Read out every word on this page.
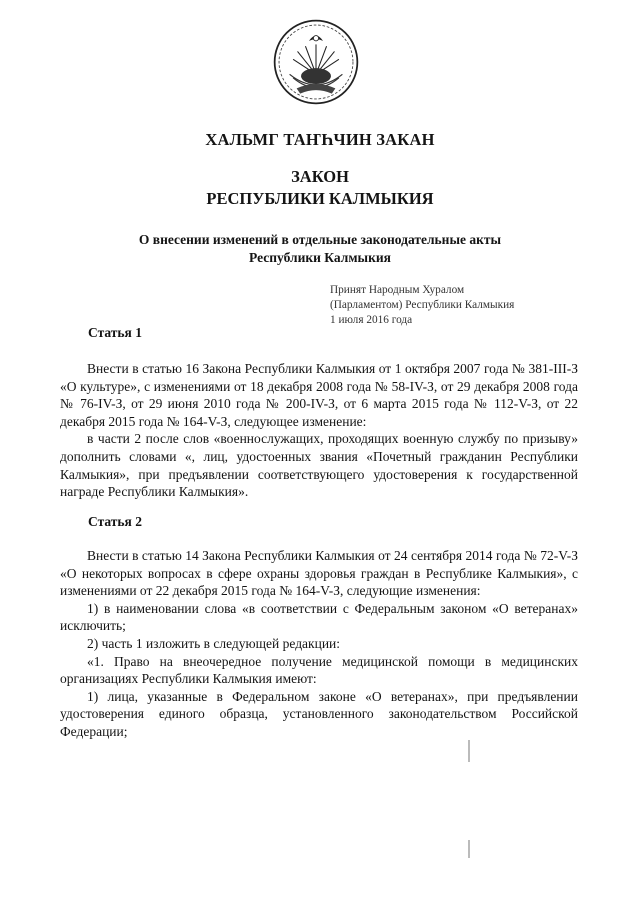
ХАЛЬМГ ТАҤҺЧИН ЗАКАН
ЗАКОН
РЕСПУБЛИКИ КАЛМЫКИЯ
О внесении изменений в отдельные законодательные акты
Республики Калмыкия
Принят Народным Хуралом
(Парламентом) Республики Калмыкия
1 июля 2016 года
Статья 1

Внести в статью 16 Закона Республики Калмыкия от 1 октября 2007 года № 381-III-З «О культуре», с изменениями от 18 декабря 2008 года № 58-IV-З, от 29 декабря 2008 года № 76-IV-З, от 29 июня 2010 года № 200-IV-З, от 6 марта 2015 года № 112-V-З, от 22 декабря 2015 года № 164-V-З, следующее изменение:

в части 2 после слов «военнослужащих, проходящих военную службу по призыву» дополнить словами «, лиц, удостоенных звания «Почетный гражданин Республики Калмыкия», при предъявлении соответствующего удостоверения к государственной награде Республики Калмыкия».

Статья 2

Внести в статью 14 Закона Республики Калмыкия от 24 сентября 2014 года № 72-V-З «О некоторых вопросах в сфере охраны здоровья граждан в Республике Калмыкия», с изменениями от 22 декабря 2015 года № 164-V-З, следующие изменения:

1) в наименовании слова «в соответствии с Федеральным законом «О ветеранах» исключить;

2) часть 1 изложить в следующей редакции:

«1. Право на внеочередное получение медицинской помощи в медицинских организациях Республики Калмыкия имеют:

1) лица, указанные в Федеральном законе «О ветеранах», при предъявлении удостоверения единого образца, установленного законодательством Российской Федерации;
